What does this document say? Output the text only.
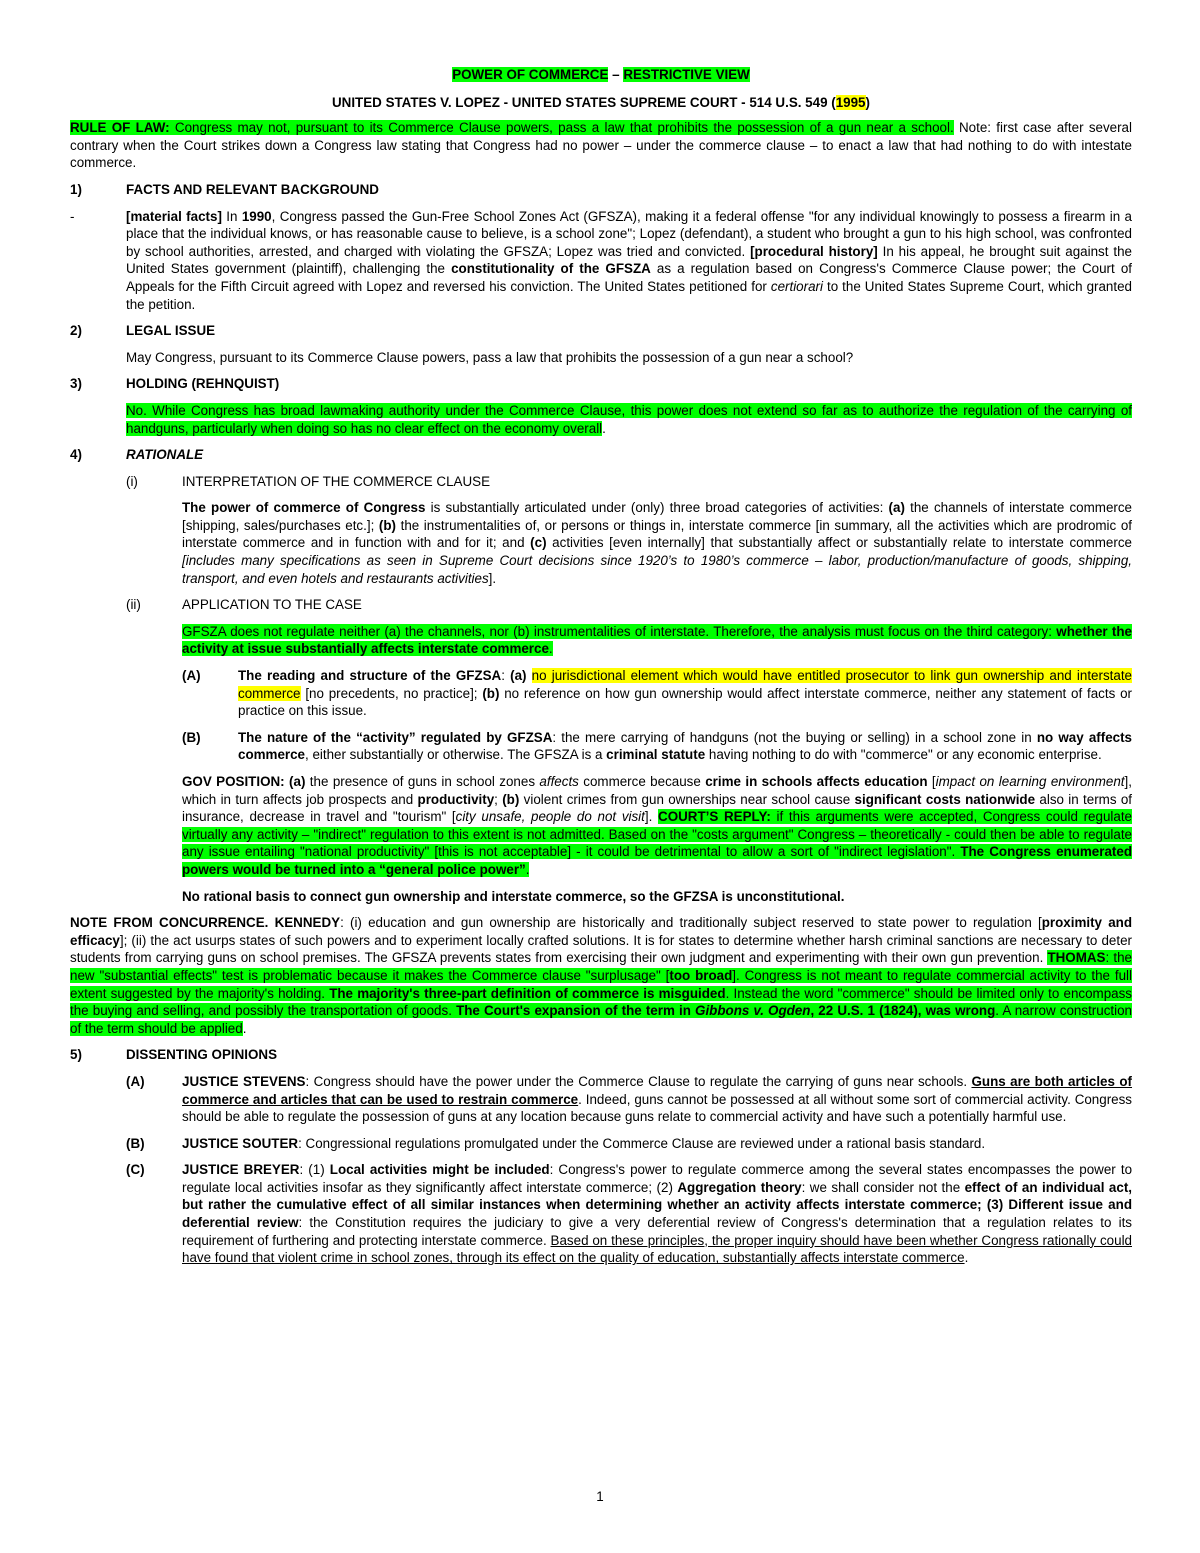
POWER OF COMMERCE – RESTRICTIVE VIEW

UNITED STATES V. LOPEZ - UNITED STATES SUPREME COURT - 514 U.S. 549 (1995)

RULE OF LAW: Congress may not, pursuant to its Commerce Clause powers, pass a law that prohibits the possession of a gun near a school. Note: first case after several contrary when the Court strikes down a Congress law stating that Congress had no power – under the commerce clause – to enact a law that had nothing to do with intestate commerce.

1)	FACTS AND RELEVANT BACKGROUND
-	[material facts] In 1990, Congress passed the Gun-Free School Zones Act (GFSZA), making it a federal offense "for any individual knowingly to possess a firearm in a place that the individual knows, or has reasonable cause to believe, is a school zone"; Lopez (defendant), a student who brought a gun to his high school, was confronted by school authorities, arrested, and charged with violating the GFSZA; Lopez was tried and convicted. [procedural history] In his appeal, he brought suit against the United States government (plaintiff), challenging the constitutionality of the GFSZA as a regulation based on Congress's Commerce Clause power; the Court of Appeals for the Fifth Circuit agreed with Lopez and reversed his conviction. The United States petitioned for certiorari to the United States Supreme Court, which granted the petition.
2)	LEGAL ISSUE

May Congress, pursuant to its Commerce Clause powers, pass a law that prohibits the possession of a gun near a school?

3)	HOLDING (REHNQUIST)

No. While Congress has broad lawmaking authority under the Commerce Clause, this power does not extend so far as to authorize the regulation of the carrying of handguns, particularly when doing so has no clear effect on the economy overall.

4)	RATIONALE
(i)	INTERPRETATION OF THE COMMERCE CLAUSE

The power of commerce of Congress is substantially articulated under (only) three broad categories of activities: (a) the channels of interstate commerce [shipping, sales/purchases etc.]; (b) the instrumentalities of, or persons or things in, interstate commerce [in summary, all the activities which are prodromic of interstate commerce and in function with and for it; and (c) activities [even internally] that substantially affect or substantially relate to interstate commerce [includes many specifications as seen in Supreme Court decisions since 1920’s to 1980’s commerce – labor, production/manufacture of goods, shipping, transport, and even hotels and restaurants activities].

(ii)	APPLICATION TO THE CASE

GFSZA does not regulate neither (a) the channels, nor (b) instrumentalities of interstate. Therefore, the analysis must focus on the third category: whether the activity at issue substantially affects interstate commerce.

(A)	The reading and structure of the GFZSA: (a) no jurisdictional element which would have entitled prosecutor to link gun ownership and interstate commerce [no precedents, no practice]; (b) no reference on how gun ownership would affect interstate commerce, neither any statement of facts or practice on this issue.
(B)	The nature of the “activity” regulated by GFZSA: the mere carrying of handguns (not the buying or selling) in a school zone in no way affects commerce, either substantially or otherwise. The GFSZA is a criminal statute having nothing to do with "commerce" or any economic enterprise.

GOV POSITION: (a) the presence of guns in school zones affects commerce because crime in schools affects education [impact on learning environment], which in turn affects job prospects and productivity; (b) violent crimes from gun ownerships near school cause significant costs nationwide also in terms of insurance, decrease in travel and "tourism" [city unsafe, people do not visit]. COURT’S REPLY: if this arguments were accepted, Congress could regulate virtually any activity – "indirect" regulation to this extent is not admitted. Based on the "costs argument" Congress – theoretically - could then be able to regulate any issue entailing "national productivity" [this is not acceptable] - it could be detrimental to allow a sort of "indirect legislation". The Congress enumerated powers would be turned into a “general police power”.

No rational basis to connect gun ownership and interstate commerce, so the GFZSA is unconstitutional.

NOTE FROM CONCURRENCE. KENNEDY: (i) education and gun ownership are historically and traditionally subject reserved to state power to regulation [proximity and efficacy]; (ii) the act usurps states of such powers and to experiment locally crafted solutions. It is for states to determine whether harsh criminal sanctions are necessary to deter students from carrying guns on school premises. The GFSZA prevents states from exercising their own judgment and experimenting with their own gun prevention. THOMAS: the new "substantial effects" test is problematic because it makes the Commerce clause "surplusage" [too broad]. Congress is not meant to regulate commercial activity to the full extent suggested by the majority's holding. The majority's three-part definition of commerce is misguided. Instead the word "commerce" should be limited only to encompass the buying and selling, and possibly the transportation of goods. The Court's expansion of the term in Gibbons v. Ogden, 22 U.S. 1 (1824), was wrong. A narrow construction of the term should be applied.

5)	DISSENTING OPINIONS
(A)	JUSTICE STEVENS: Congress should have the power under the Commerce Clause to regulate the carrying of guns near schools. Guns are both articles of commerce and articles that can be used to restrain commerce. Indeed, guns cannot be possessed at all without some sort of commercial activity. Congress should be able to regulate the possession of guns at any location because guns relate to commercial activity and have such a potentially harmful use.
(B)	JUSTICE SOUTER: Congressional regulations promulgated under the Commerce Clause are reviewed under a rational basis standard.
(C)	JUSTICE BREYER: (1) Local activities might be included: Congress's power to regulate commerce among the several states encompasses the power to regulate local activities insofar as they significantly affect interstate commerce; (2) Aggregation theory: we shall consider not the effect of an individual act, but rather the cumulative effect of all similar instances when determining whether an activity affects interstate commerce; (3) Different issue and deferential review: the Constitution requires the judiciary to give a very deferential review of Congress's determination that a regulation relates to its requirement of furthering and protecting interstate commerce. Based on these principles, the proper inquiry should have been whether Congress rationally could have found that violent crime in school zones, through its effect on the quality of education, substantially affects interstate commerce.
1
